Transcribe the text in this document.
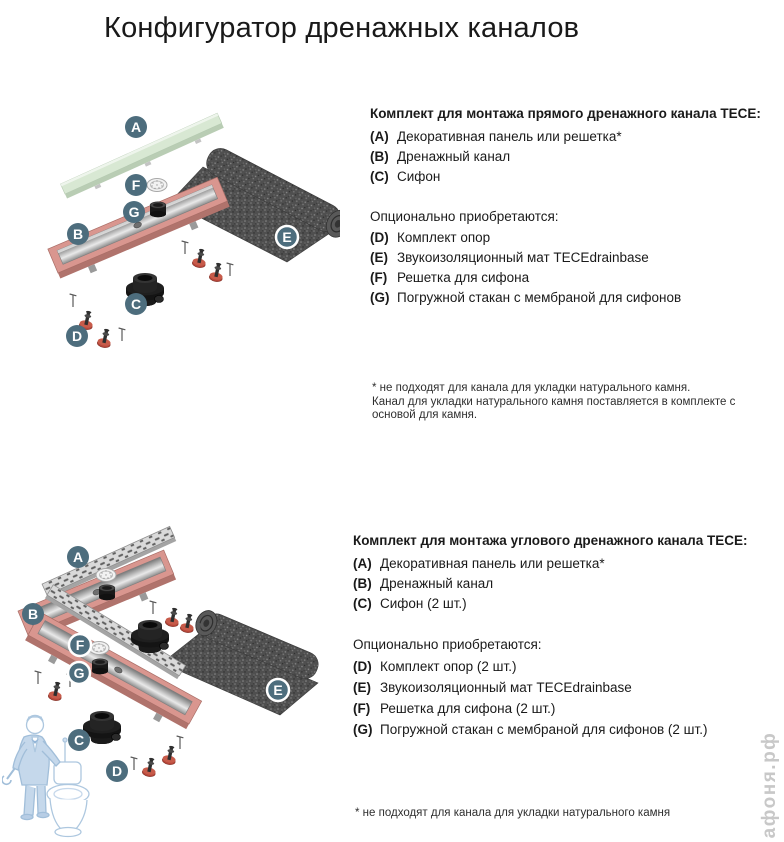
Конфигуратор дренажных каналов
A
F
G
B	E
C
D
Комплект для монтажа прямого дренажного канала TECE:
(A) Декоративная панель или решетка*
(B) Дренажный канал
(C) Сифон
Опционально приобретаются:
(D) Комплект опор
(E) Звукоизоляционный мат TECEdrainbase
(F) Решетка для сифона
(G) Погружной стакан с мембраной для сифонов
* не подходят для канала для укладки натурального камня.
Канал для укладки натурального камня поставляется в комплекте с основой для камня.
A
B
F
G
E
C
D
Комплект для монтажа углового дренажного канала TECE:
(A) Декоративная панель или решетка*
(B) Дренажный канал
(C) Сифон (2 шт.)
Опционально приобретаются:
(D) Комплект опор (2 шт.)
(E) Звукоизоляционный мат TECEdrainbase
(F) Решетка для сифона (2 шт.)
(G) Погружной стакан с мембраной для сифонов (2 шт.)
* не подходят для канала для укладки натурального камня	афоня.рф
